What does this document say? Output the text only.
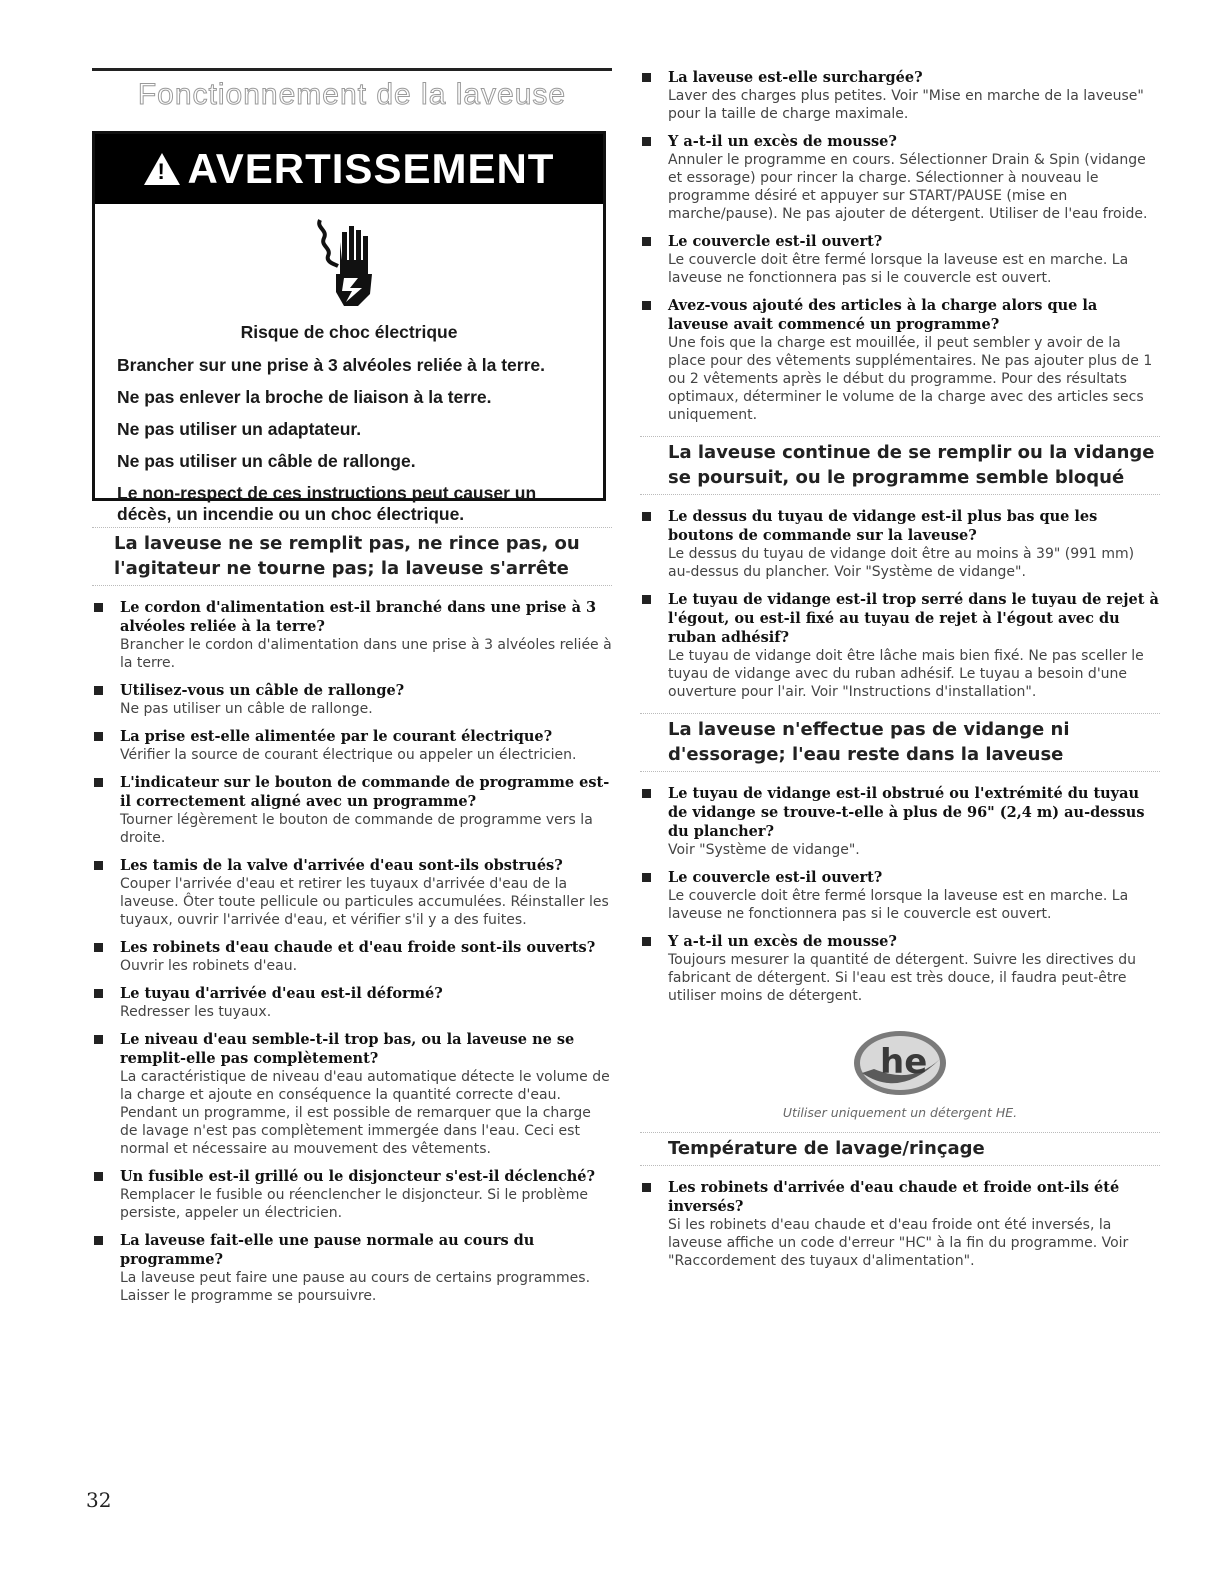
Fonctionnement de la laveuse
! AVERTISSEMENT
Risque de choc électrique

Brancher sur une prise à 3 alvéoles reliée à la terre.

Ne pas enlever la broche de liaison à la terre.

Ne pas utiliser un adaptateur.

Ne pas utiliser un câble de rallonge.

Le non-respect de ces instructions peut causer un décès, un incendie ou un choc électrique.

La laveuse ne se remplit pas, ne rince pas, ou l'agitateur ne tourne pas; la laveuse s'arrête
Le cordon d'alimentation est-il branché dans une prise à 3 alvéoles reliée à la terre?
Brancher le cordon d'alimentation dans une prise à 3 alvéoles reliée à la terre.
Utilisez-vous un câble de rallonge?
Ne pas utiliser un câble de rallonge.
La prise est-elle alimentée par le courant électrique?
Vérifier la source de courant électrique ou appeler un électricien.
L'indicateur sur le bouton de commande de programme est-il correctement aligné avec un programme?
Tourner légèrement le bouton de commande de programme vers la droite.
Les tamis de la valve d'arrivée d'eau sont-ils obstrués?
Couper l'arrivée d'eau et retirer les tuyaux d'arrivée d'eau de la laveuse. Ôter toute pellicule ou particules accumulées. Réinstaller les tuyaux, ouvrir l'arrivée d'eau, et vérifier s'il y a des fuites.
Les robinets d'eau chaude et d'eau froide sont-ils ouverts?
Ouvrir les robinets d'eau.
Le tuyau d'arrivée d'eau est-il déformé?
Redresser les tuyaux.
Le niveau d'eau semble-t-il trop bas, ou la laveuse ne se remplit-elle pas complètement?
La caractéristique de niveau d'eau automatique détecte le volume de la charge et ajoute en conséquence la quantité correcte d'eau. Pendant un programme, il est possible de remarquer que la charge de lavage n'est pas complètement immergée dans l'eau. Ceci est normal et nécessaire au mouvement des vêtements.
Un fusible est-il grillé ou le disjoncteur s'est-il déclenché?
Remplacer le fusible ou réenclencher le disjoncteur. Si le problème persiste, appeler un électricien.
La laveuse fait-elle une pause normale au cours du programme?
La laveuse peut faire une pause au cours de certains programmes. Laisser le programme se poursuivre.
32
La laveuse est-elle surchargée?
Laver des charges plus petites. Voir "Mise en marche de la laveuse" pour la taille de charge maximale.
Y a-t-il un excès de mousse?
Annuler le programme en cours. Sélectionner Drain & Spin (vidange et essorage) pour rincer la charge. Sélectionner à nouveau le programme désiré et appuyer sur START/PAUSE (mise en marche/pause). Ne pas ajouter de détergent. Utiliser de l'eau froide.
Le couvercle est-il ouvert?
Le couvercle doit être fermé lorsque la laveuse est en marche. La laveuse ne fonctionnera pas si le couvercle est ouvert.
Avez-vous ajouté des articles à la charge alors que la laveuse avait commencé un programme?
Une fois que la charge est mouillée, il peut sembler y avoir de la place pour des vêtements supplémentaires. Ne pas ajouter plus de 1 ou 2 vêtements après le début du programme. Pour des résultats optimaux, déterminer le volume de la charge avec des articles secs uniquement.
La laveuse continue de se remplir ou la vidange se poursuit, ou le programme semble bloqué
Le dessus du tuyau de vidange est-il plus bas que les boutons de commande sur la laveuse?
Le dessus du tuyau de vidange doit être au moins à 39" (991 mm) au-dessus du plancher. Voir "Système de vidange".
Le tuyau de vidange est-il trop serré dans le tuyau de rejet à l'égout, ou est-il fixé au tuyau de rejet à l'égout avec du ruban adhésif?
Le tuyau de vidange doit être lâche mais bien fixé. Ne pas sceller le tuyau de vidange avec du ruban adhésif. Le tuyau a besoin d'une ouverture pour l'air. Voir "Instructions d'installation".
La laveuse n'effectue pas de vidange ni d'essorage; l'eau reste dans la laveuse
Le tuyau de vidange est-il obstrué ou l'extrémité du tuyau de vidange se trouve-t-elle à plus de 96" (2,4 m) au-dessus du plancher?
Voir "Système de vidange".
Le couvercle est-il ouvert?
Le couvercle doit être fermé lorsque la laveuse est en marche. La laveuse ne fonctionnera pas si le couvercle est ouvert.
Y a-t-il un excès de mousse?
Toujours mesurer la quantité de détergent. Suivre les directives du fabricant de détergent. Si l'eau est très douce, il faudra peut-être utiliser moins de détergent.
he
Utiliser uniquement un détergent HE.
Température de lavage/rinçage
Les robinets d'arrivée d'eau chaude et froide ont-ils été inversés?
Si les robinets d'eau chaude et d'eau froide ont été inversés, la laveuse affiche un code d'erreur "HC" à la fin du programme. Voir "Raccordement des tuyaux d'alimentation".
